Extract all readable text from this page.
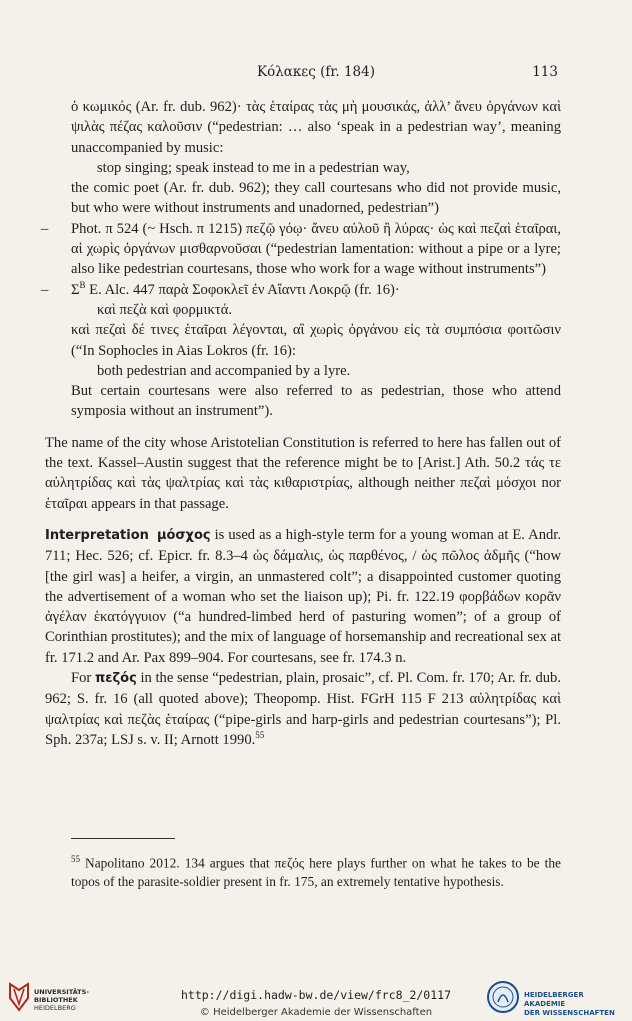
Κόλακες (fr. 184)	113

ὁ κωμικός (Ar. fr. dub. 962)· τὰς ἑταίρας τὰς μὴ μουσικάς, ἀλλ’ ἄνευ ὀργάνων καὶ ψιλὰς πέζας καλοῦσιν (“pedestrian: … also ‘speak in a pedestrian way’, meaning unaccompanied by music:

stop singing; speak instead to me in a pedestrian way,

the comic poet (Ar. fr. dub. 962); they call courtesans who did not provide music, but who were without instruments and unadorned, pedestrian”)

– Phot. π 524 (~ Hsch. π 1215) πεζῷ γόῳ· ἄνευ αὐλοῦ ἢ λύρας· ὡς καὶ πεζαὶ ἑταῖραι, αἱ χωρὶς ὀργάνων μισθαρνοῦσαι (“pedestrian lamentation: without a pipe or a lyre; also like pedestrian courtesans, those who work for a wage without instruments”)

– $\Sigma^B$ E. Alc. 447 παρὰ Σοφοκλεῖ ἐν Αἴαντι Λοκρῷ (fr. 16)·

καὶ πεζὰ καὶ φορμικτά.

καὶ πεζαὶ δέ τινες ἑταῖραι λέγονται, αἳ χωρὶς ὀργάνου εἰς τὰ συμπόσια φοιτῶσιν (“In Sophocles in Aias Lokros (fr. 16):

both pedestrian and accompanied by a lyre.

But certain courtesans were also referred to as pedestrian, those who attend symposia without an instrument”).

The name of the city whose Aristotelian Constitution is referred to here has fallen out of the text. Kassel–Austin suggest that the reference might be to [Arist.] Ath. 50.2 τάς τε αὐλητρίδας καὶ τὰς ψαλτρίας καὶ τὰς κιθαριστρίας, although neither πεζαὶ μόσχοι nor ἑταῖραι appears in that passage.

Interpretation μόσχος is used as a high-style term for a young woman at E. Andr. 711; Hec. 526; cf. Epicr. fr. 8.3–4 ὡς δάμαλις, ὡς παρθένος, / ὡς πῶλος ἀδμῆς (“how [the girl was] a heifer, a virgin, an unmastered colt”; a disappointed customer quoting the advertisement of a woman who set the liaison up); Pi. fr. 122.19 φορβάδων κορᾶν ἀγέλαν ἑκατόγγυιον (“a hundred-limbed herd of pasturing women”; of a group of Corinthian prostitutes); and the mix of language of horsemanship and recreational sex at fr. 171.2 and Ar. Pax 899–904. For courtesans, see fr. 174.3 n.

For πεζός in the sense “pedestrian, plain, prosaic”, cf. Pl. Com. fr. 170; Ar. fr. dub. 962; S. fr. 16 (all quoted above); Theopomp. Hist. FGrH 115 F 213 αὐλητρίδας καὶ ψαλτρίας καὶ πεζὰς ἑταίρας (“pipe-girls and harp-girls and pedestrian courtesans”); Pl. Sph. 237a; LSJ s. v. II; Arnott 1990.55

$^{55}$ Napolitano 2012. 134 argues that πεζός here plays further on what he takes to be the topos of the parasite-soldier present in fr. 175, an extremely tentative hypothesis.
UNIVERSITÄTS-
BIBLIOTHEK
HEIDELBERG
http://digi.hadw-bw.de/view/frc8_2/0117
© Heidelberger Akademie der Wissenschaften
HEIDELBERGER AKADEMIE
DER WISSENSCHAFTEN
